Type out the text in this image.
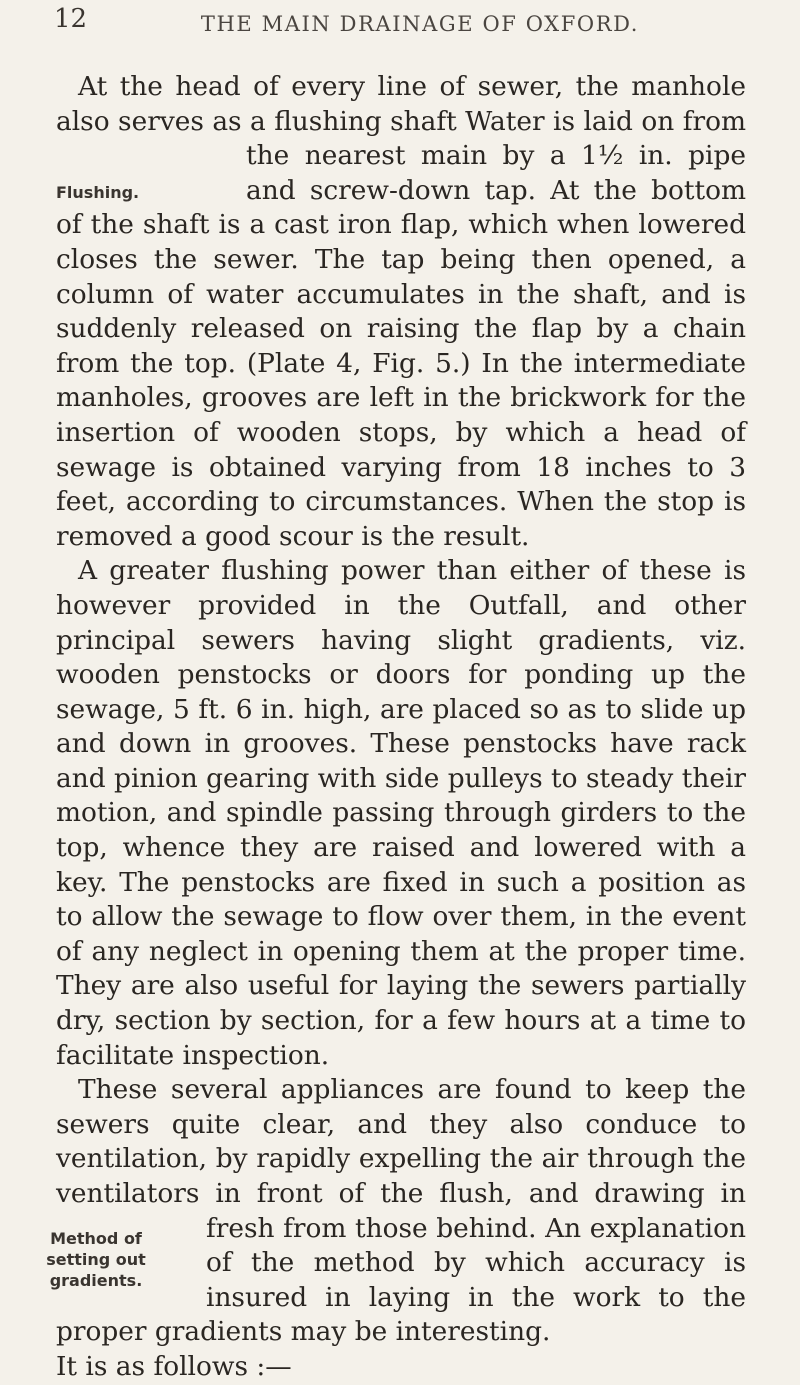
12	THE MAIN DRAINAGE OF OXFORD.

At the head of every line of sewer, the manhole also serves as a flushing shaft Water is laid on from the
Flushing.
nearest main by a 1½ in. pipe and screw-down tap. At the bottom of the shaft is a cast iron flap, which when lowered closes the sewer. The tap being then opened, a column of water accumulates in the shaft, and is suddenly released on raising the flap by a chain from the top. (Plate 4, Fig. 5.) In the intermediate manholes, grooves are left in the brickwork for the insertion of wooden stops, by which a head of sewage is obtained varying from 18 inches to 3 feet, according to circumstances. When the stop is removed a good scour is the result.

A greater flushing power than either of these is however provided in the Outfall, and other principal sewers having slight gradients, viz. wooden penstocks or doors for ponding up the sewage, 5 ft. 6 in. high, are placed so as to slide up and down in grooves. These penstocks have rack and pinion gearing with side pulleys to steady their motion, and spindle passing through girders to the top, whence they are raised and lowered with a key. The penstocks are fixed in such a position as to allow the sewage to flow over them, in the event of any neglect in opening them at the proper time. They are also useful for laying the sewers partially dry, section by section, for a few hours at a time to facilitate inspection.

These several appliances are found to keep the sewers quite clear, and they also conduce to ventilation, by rapidly expelling the air through the ventilators in front of the flush, and drawing in fresh from those behind.
Method of setting out gradients.
An explanation of the method by which accuracy is insured in laying in the work to the proper gradients may be interesting.

It is as follows :—
